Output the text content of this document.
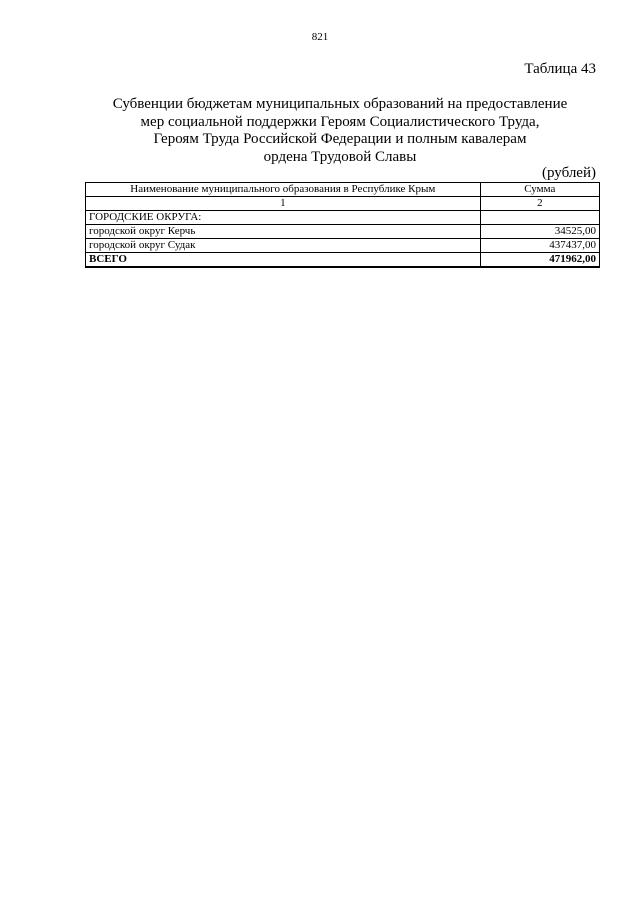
821
Таблица 43
Субвенции бюджетам муниципальных образований на предоставление
мер социальной поддержки Героям Социалистического Труда,
Героям Труда Российской Федерации и полным кавалерам
ордена Трудовой Славы
(рублей)
Наименование муниципального образования в Республике Крым	Сумма
1	2
ГОРОДСКИЕ ОКРУГА:	
городской округ Керчь	34525,00
городской округ Судак	437437,00
ВСЕГО	471962,00
